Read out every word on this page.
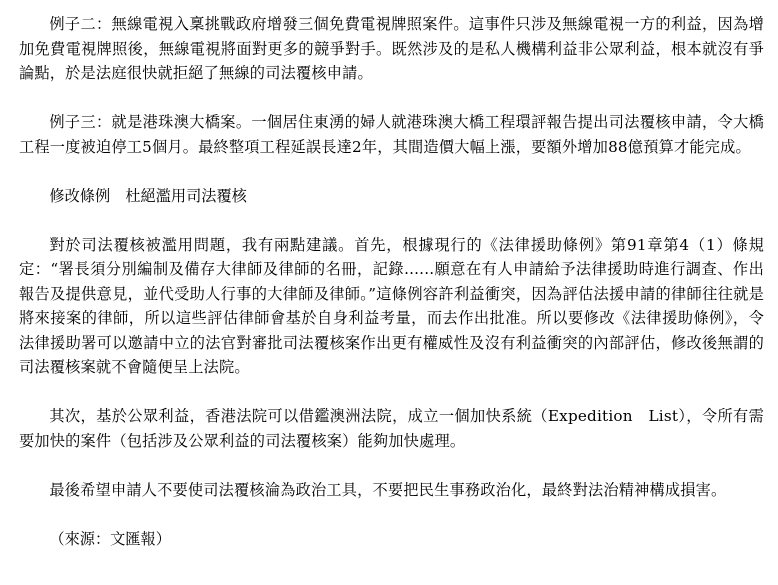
例子二：無線電視入稟挑戰政府增發三個免費電視牌照案件。這事件只涉及無線電視一方的利益，因為增加免費電視牌照後，無線電視將面對更多的競爭對手。既然涉及的是私人機構利益非公眾利益，根本就沒有爭論點，於是法庭很快就拒絕了無線的司法覆核申請。

例子三：就是港珠澳大橋案。一個居住東湧的婦人就港珠澳大橋工程環評報告提出司法覆核申請，令大橋工程一度被迫停工5個月。最終整項工程延誤長達2年，其間造價大幅上漲，要額外增加88億預算才能完成。

修改條例　杜絕濫用司法覆核

對於司法覆核被濫用問題，我有兩點建議。首先，根據現行的《法律援助條例》第91章第4（1）條規定：“署長須分別編制及備存大律師及律師的名冊，記錄......願意在有人申請給予法律援助時進行調查、作出報告及提供意見，並代受助人行事的大律師及律師。”這條例容許利益衝突，因為評估法援申請的律師往往就是將來接案的律師，所以這些評估律師會基於自身利益考量，而去作出批准。所以要修改《法律援助條例》，令法律援助署可以邀請中立的法官對審批司法覆核案作出更有權威性及沒有利益衝突的內部評估，修改後無謂的司法覆核案就不會隨便呈上法院。

其次，基於公眾利益，香港法院可以借鑑澳洲法院，成立一個加快系統（Expedition　List），令所有需要加快的案件（包括涉及公眾利益的司法覆核案）能夠加快處理。

最後希望申請人不要使司法覆核淪為政治工具，不要把民生事務政治化，最終對法治精神構成損害。

（來源：文匯報）
